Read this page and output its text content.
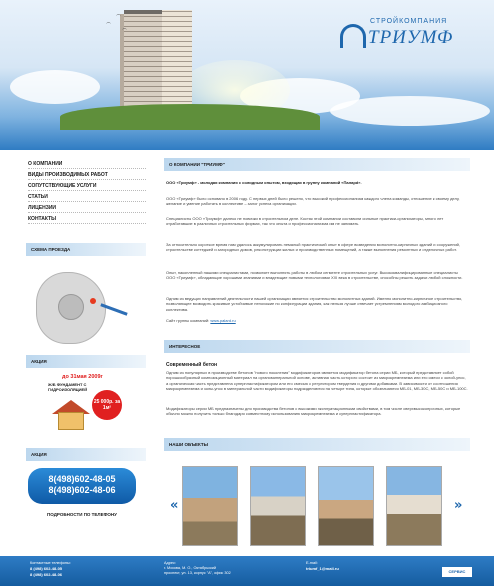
⌒
⌒
⌒
СТРОЙКОМПАНИЯ
ТРИУМФ
О КОМПАНИИ
ВИДЫ ПРОИЗВОДИМЫХ РАБОТ
СОПУТСТВУЮЩИЕ УСЛУГИ
СТАТЬИ
ЛИЦЕНЗИИ
КОНТАКТЫ
СХЕМА ПРОЕЗДА
АКЦИЯ
до 31мая 2009г
Ж/Б ФУНДАМЕНТ С ГИДРОИЗОЛЯЦИЕЙ
25 000р. за 1м²
АКЦИЯ
8(498)602-48-05
8(498)602-48-06
ПОДРОБНОСТИ ПО ТЕЛЕФОНУ
О КОМПАНИИ "ТРИУМФ"
ООО «Триумф» - молодая компания с солидным опытом, входящая в группу компаний «Паларd».
ООО «Триумф» было основано в 2006 году. С первых дней было решено, что высокий профессионализм каждого члена команды, отношение к своему делу, желание и умение работать в коллективе – залог успеха организации.
Специалисты ООО «Триумф» далеко не новички в строительном деле. Костяк этой компании составили сильные практики-организаторы, много лет отработавшие в различных строительных фирмах, так что опыта и профессионализма им не занимать.
За относительно короткое время нам удалось аккумулировать немалый практический опыт в сфере возведения монолитно-кирпичных зданий и сооружений, строительстве коттеджей и загородных домов, реконструкции жилых и производственных помещений, а также выполнения ремонтных и отделочных работ.
Опыт, накопленный нашими специалистами, позволяет выполнять работы в любом сегменте строительных услуг. Высококвалифицированные специалисты ООО «Триумф», обладающие хорошими знаниями и владеющие новыми технологиями XXI века в строительстве, способны решить задачи любой сложности.
Одним из ведущих направлений деятельности нашей организации является строительство монолитных зданий. Именно монолитно-кирпичное строительство, позволяющее возводить красивые устойчивые непохожие по конфигурации здания, как нельзя лучше отвечает устремлениям молодого амбициозного коллектива.
Сайт группы компаний: www.palard.ru
ИНТЕРЕСНОЕ
Современный бетон
Одним из популярных в производстве бетонов "нового поколения" модификаторов является модификатор бетона серии МБ, который представляет собой порошкообразный композиционный материал на органоминеральной основе, активная часть которого состоит из микрокремнезема или его смеси с золой-унос, а органическая часть представлена суперпластификатором или его смесью с регулятором твердения и другими добавками. В зависимости от соотношения микрокремнезема и золы-унос в минеральной части модификаторы подразделяются на четыре типа, которые обозначаются МБ-01, МБ-30С, МБ-50С и МБ-100С.
Модификаторы серии МБ предназначены для производства бетонов с высокими эксплуатационными свойствами, в том числе сверхвысокопрочных, которые обычно можно получить только благодаря совместному использованию микрокремнезема и суперпластификатора.
НАШИ ОБЪЕКТЫ
«	»
Контактные телефоны:
8 (498) 602-48-05
8 (498) 602-48-06
Адрес:
г. Москва, М. О., Октябрьский
проспект, ул. 13, корпус "А", офис 302
E-mail:
triumf_1@mail.ru
СЕРВИС
